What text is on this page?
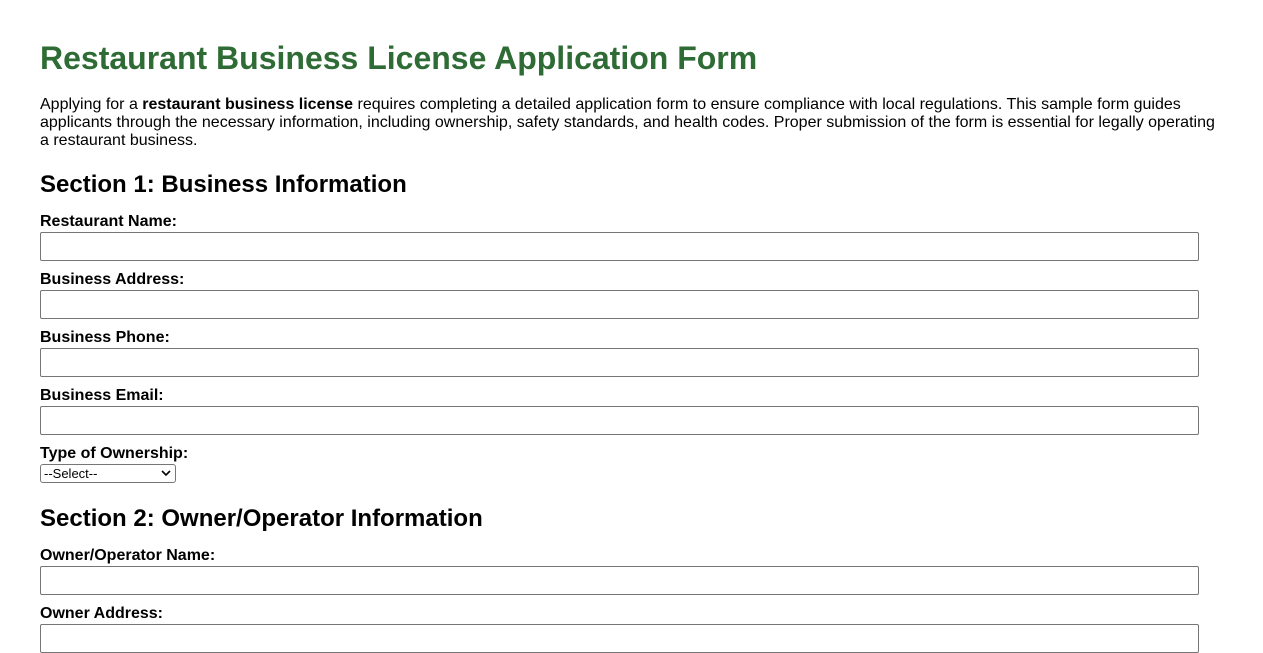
Restaurant Business License Application Form

Applying for a restaurant business license requires completing a detailed application form to ensure compliance with local regulations. This sample form guides applicants through the necessary information, including ownership, safety standards, and health codes. Proper submission of the form is essential for legally operating a restaurant business.

Section 1: Business Information
Restaurant Name:
Business Address:
Business Phone:
Business Email:
Type of Ownership:
--Select--
Section 2: Owner/Operator Information
Owner/Operator Name:
Owner Address:
